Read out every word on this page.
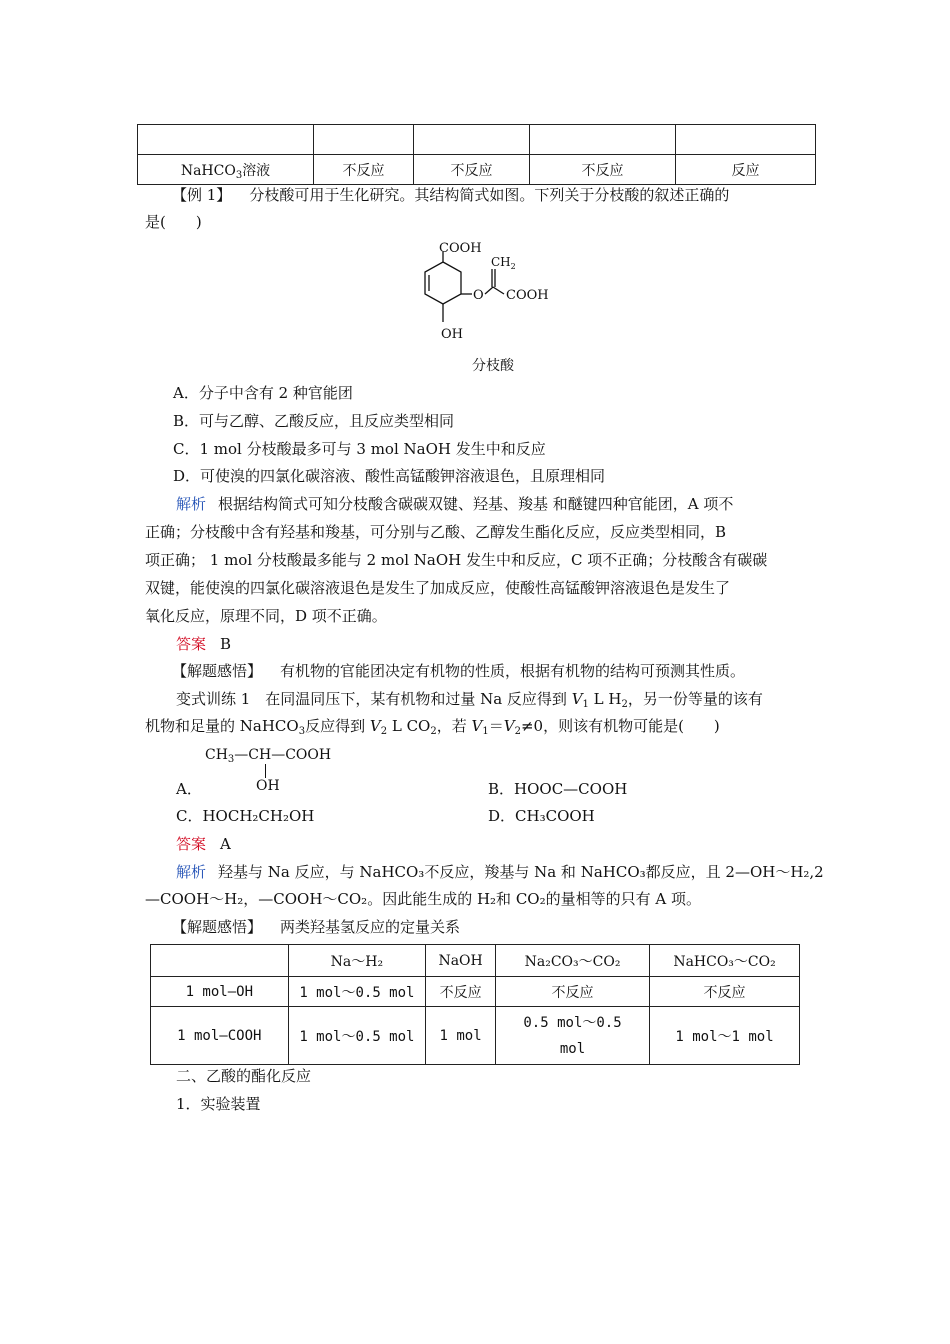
NaHCO$_3$溶液	不反应	不反应	不反应	反应
【例 1】 分枝酸可用于生化研究。其结构简式如图。下列关于分枝酸的叙述正确的
是(　　)
COOH
$CH_2$
O COOH
OH
分枝酸
A．分子中含有 2 种官能团
B．可与乙醇、乙酸反应，且反应类型相同
C．1 mol 分枝酸最多可与 3 mol NaOH 发生中和反应
D．可使溴的四氯化碳溶液、酸性高锰酸钾溶液退色，且原理相同
解析 根据结构简式可知分枝酸含碳碳双键、羟基、羧基 和醚键四种官能团，A 项不
正确；分枝酸中含有羟基和羧基，可分别与乙酸、乙醇发生酯化反应，反应类型相同，B
项正确； 1 mol 分枝酸最多能与 2 mol NaOH 发生中和反应，C 项不正确；分枝酸含有碳碳
双键，能使溴的四氯化碳溶液退色是发生了加成反应，使酸性高锰酸钾溶液退色是发生了
氧化反应，原理不同，D 项不正确。
答案 B
【解题感悟】 有机物的官能团决定有机物的性质，根据有机物的结构可预测其性质。
变式训练 1　在同温同压下，某有机物和过量 Na 反应得到 $V_1$ L $H_2$，另一份等量的该有
机物和足量的 NaHCO$_3$反应得到 $V_2$ L $CO_2$，若 $V_1=V_2\ne 0$，则该有机物可能是(　　)
$CH_3—CH—COOH$
OH
A．	B．HOOC—COOH
C．HOCH₂CH₂OH	D．CH₃COOH
答案 A
解析 羟基与 Na 反应，与 NaHCO₃不反应，羧基与 Na 和 NaHCO₃都反应，且 2—OH～H₂,2
—COOH～H₂，—COOH～CO₂。因此能生成的 H₂和 CO₂的量相等的只有 A 项。
【解题感悟】 两类羟基氢反应的定量关系
	Na～H₂	NaOH	Na₂CO₃～CO₂	NaHCO₃～CO₂
1 mol—OH	1 mol～0.5 mol	不反应	不反应	不反应
1 mol—COOH	1 mol～0.5 mol	1 mol	0.5 mol～0.5 mol	1 mol～1 mol
二、乙酸的酯化反应
1．实验装置
